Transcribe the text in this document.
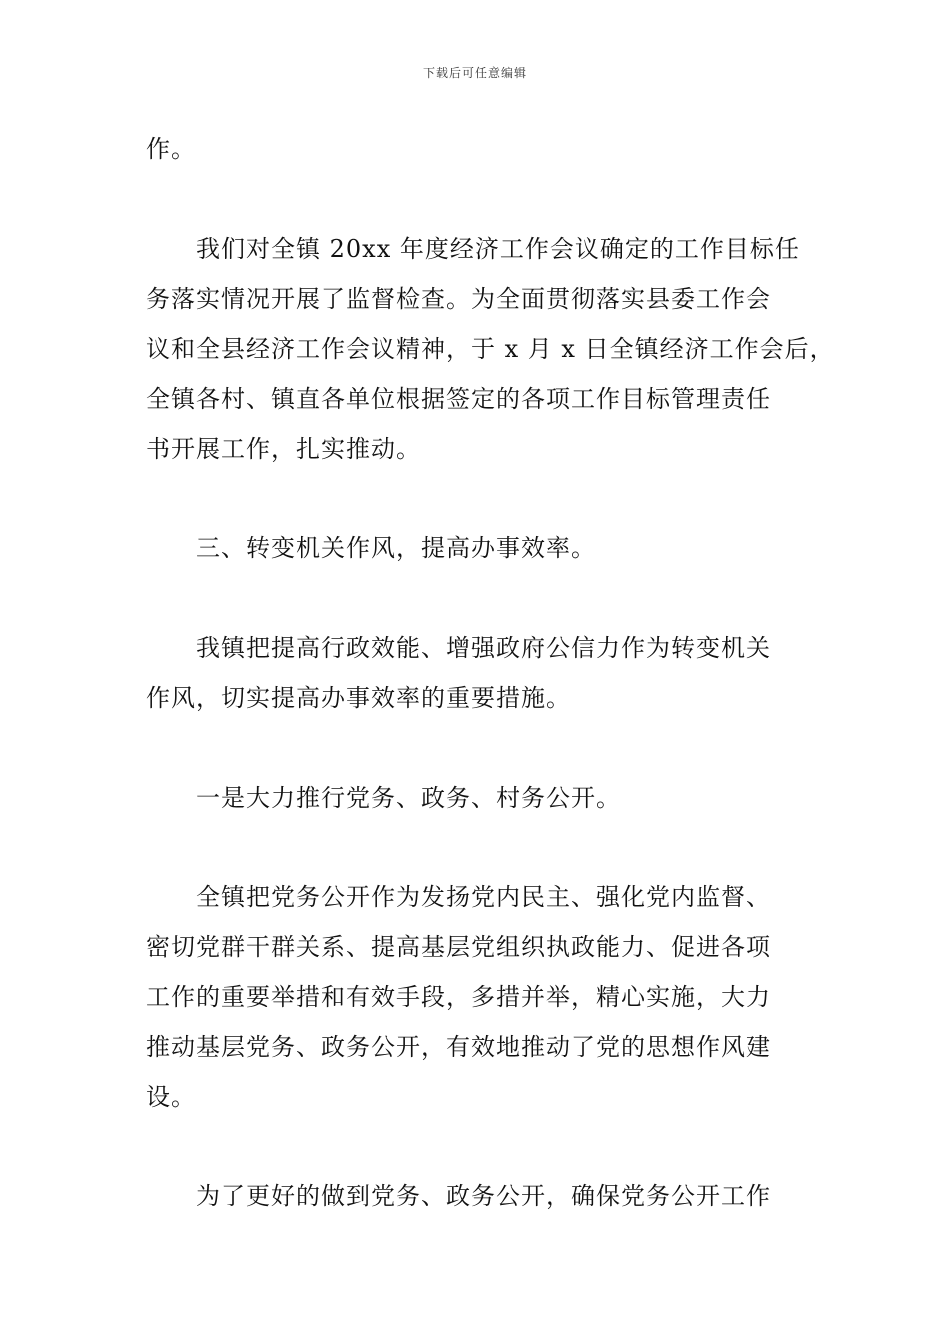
下载后可任意编辑
作。
我们对全镇 20xx 年度经济工作会议确定的工作目标任
务落实情况开展了监督检查。为全面贯彻落实县委工作会
议和全县经济工作会议精神，于 x 月 x 日全镇经济工作会后，
全镇各村、镇直各单位根据签定的各项工作目标管理责任
书开展工作，扎实推动。
三、转变机关作风，提高办事效率。
我镇把提高行政效能、增强政府公信力作为转变机关
作风，切实提高办事效率的重要措施。
一是大力推行党务、政务、村务公开。
全镇把党务公开作为发扬党内民主、强化党内监督、
密切党群干群关系、提高基层党组织执政能力、促进各项
工作的重要举措和有效手段，多措并举，精心实施，大力
推动基层党务、政务公开，有效地推动了党的思想作风建
设。
为了更好的做到党务、政务公开，确保党务公开工作
